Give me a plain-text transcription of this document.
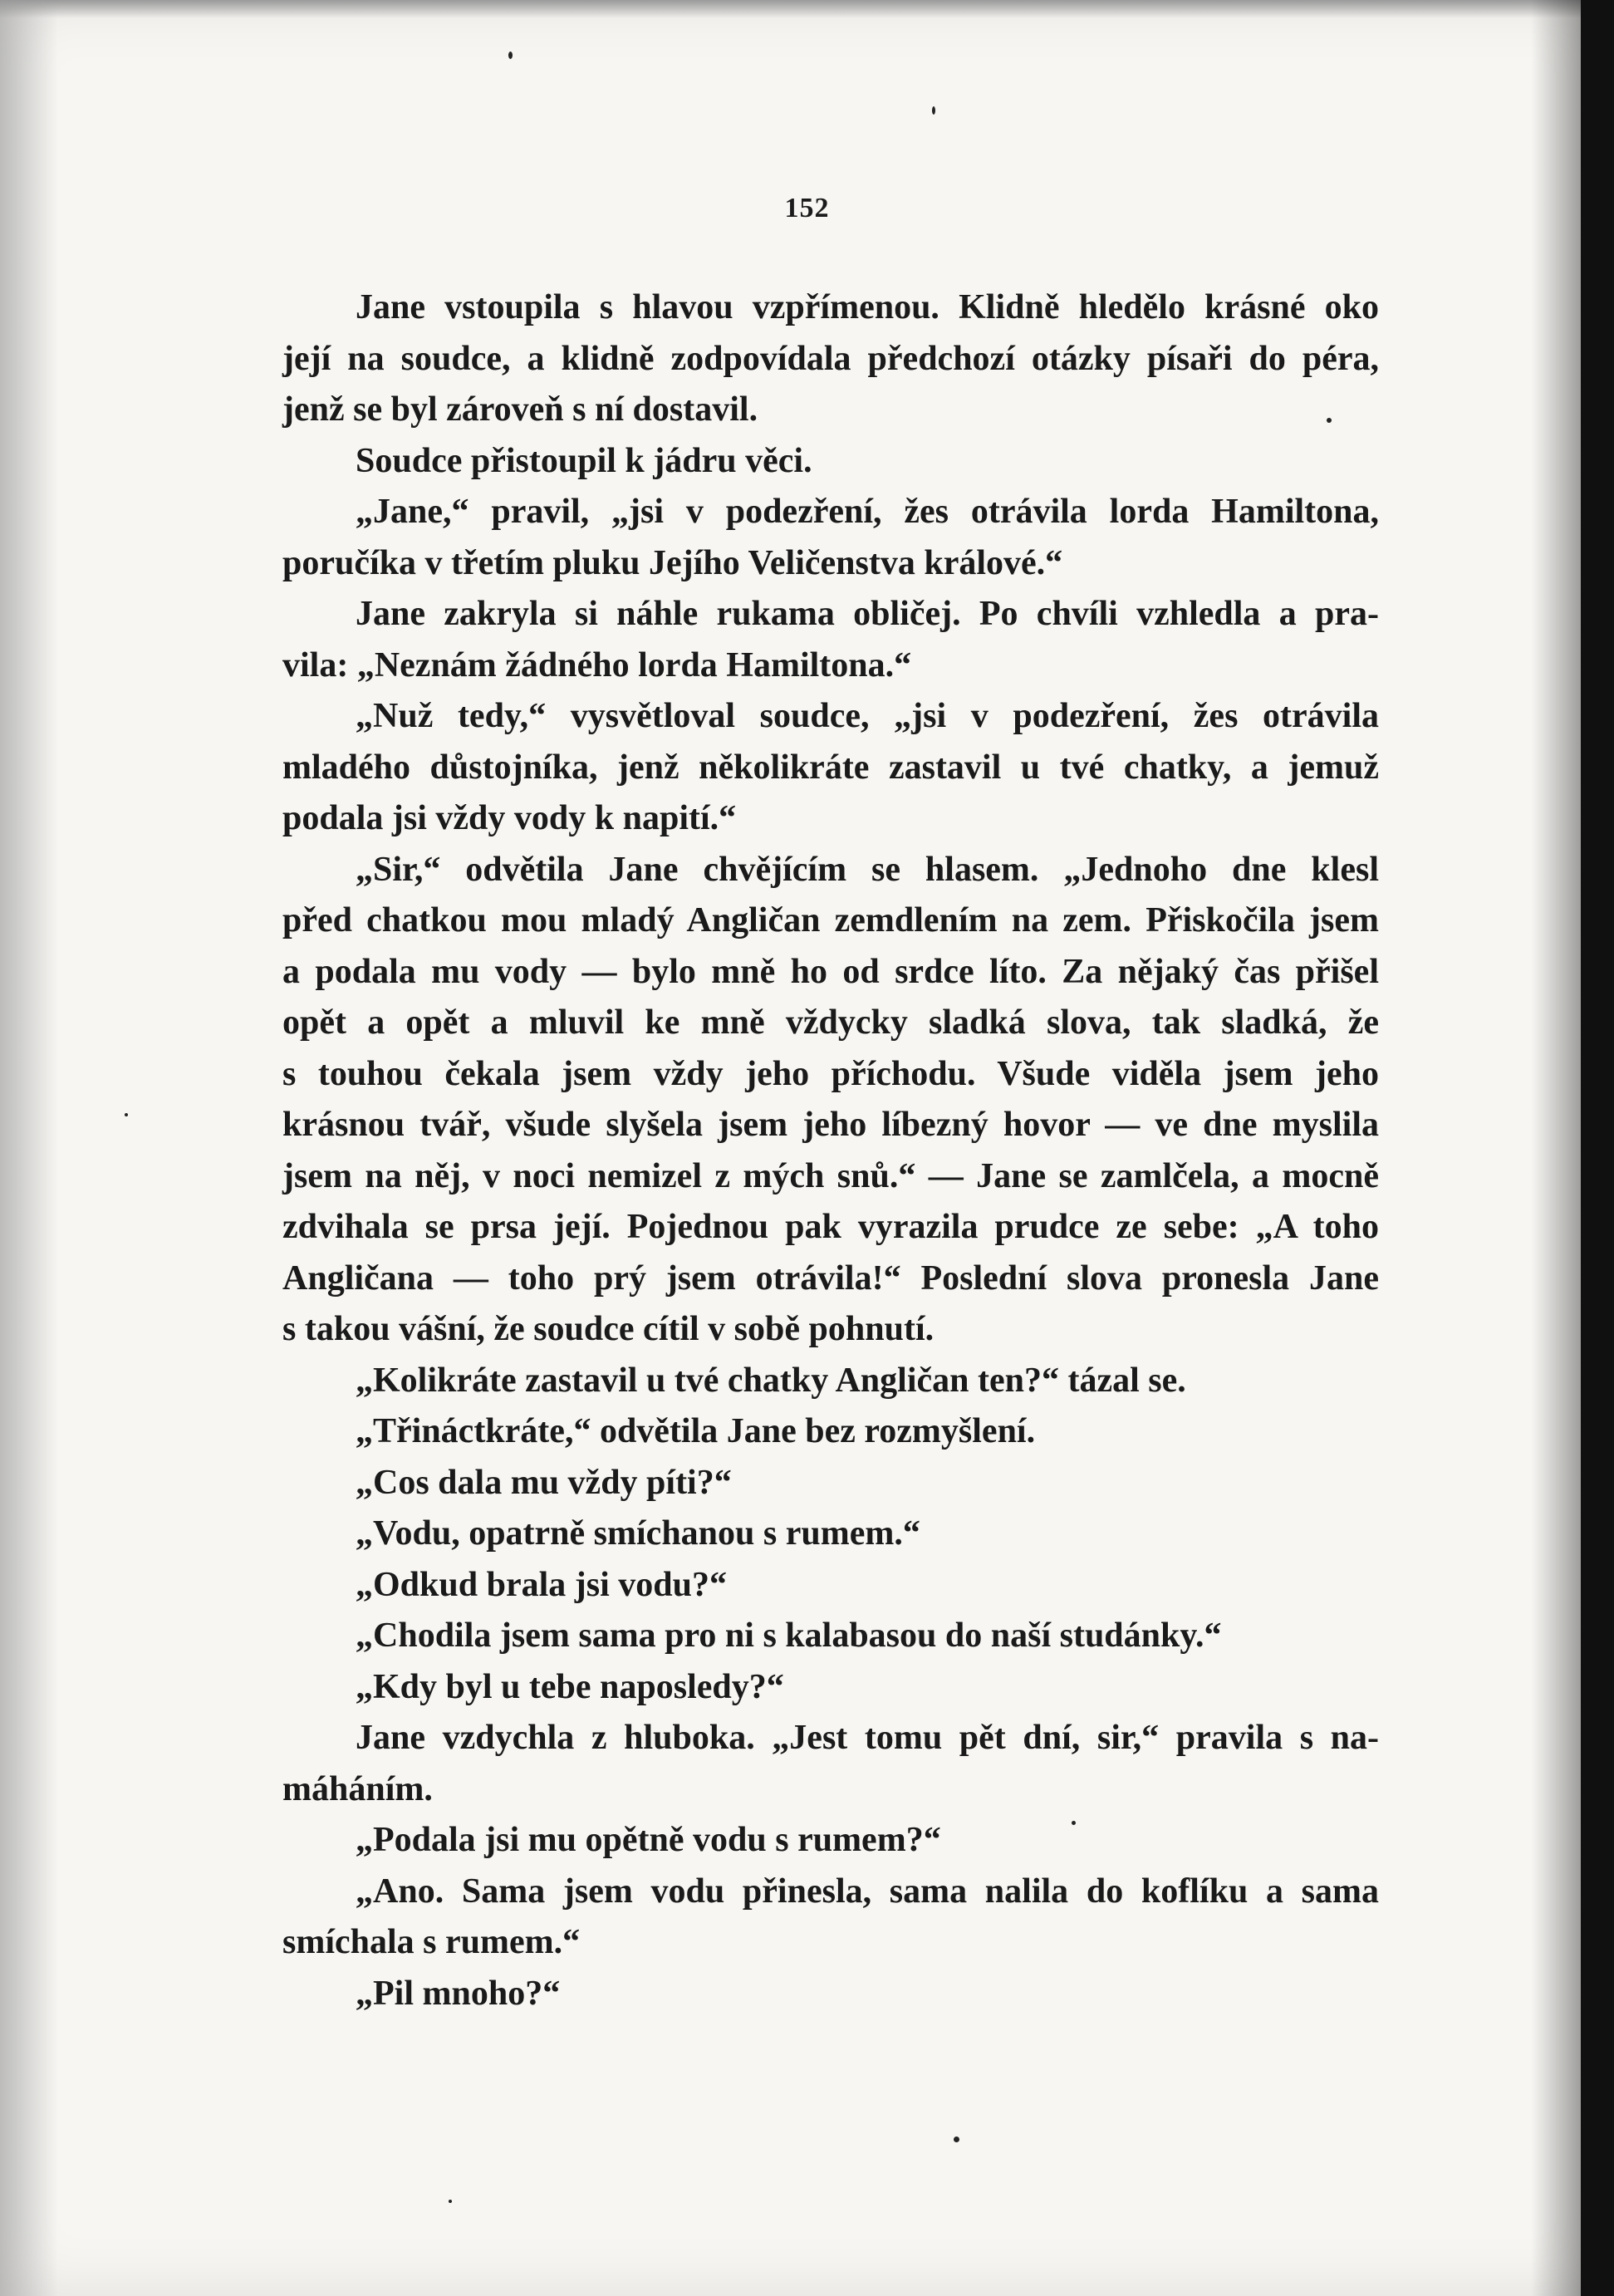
152
Jane vstoupila s hlavou vzpřímenou. Klidně hledělo krásné oko
její na soudce, a klidně zodpovídala předchozí otázky písaři do péra,
jenž se byl zároveň s ní dostavil.
Soudce přistoupil k jádru věci.
„Jane,“ pravil, „jsi v podezření, žes otrávila lorda Hamiltona,
poručíka v třetím pluku Jejího Veličenstva králové.“
Jane zakryla si náhle rukama obličej. Po chvíli vzhledla a pra-
vila: „Neznám žádného lorda Hamiltona.“
„Nuž tedy,“ vysvětloval soudce, „jsi v podezření, žes otrávila
mladého důstojníka, jenž několikráte zastavil u tvé chatky, a jemuž
podala jsi vždy vody k napití.“
„Sir,“ odvětila Jane chvějícím se hlasem. „Jednoho dne klesl
před chatkou mou mladý Angličan zemdlením na zem. Přiskočila jsem
a podala mu vody — bylo mně ho od srdce líto. Za nějaký čas přišel
opět a opět a mluvil ke mně vždycky sladká slova, tak sladká, že
s touhou čekala jsem vždy jeho příchodu. Všude viděla jsem jeho
krásnou tvář, všude slyšela jsem jeho líbezný hovor — ve dne myslila
jsem na něj, v noci nemizel z mých snů.“ — Jane se zamlčela, a mocně
zdvihala se prsa její. Pojednou pak vyrazila prudce ze sebe: „A toho
Angličana — toho prý jsem otrávila!“ Poslední slova pronesla Jane
s takou vášní, že soudce cítil v sobě pohnutí.
„Kolikráte zastavil u tvé chatky Angličan ten?“ tázal se.
„Třináctkráte,“ odvětila Jane bez rozmyšlení.
„Cos dala mu vždy píti?“
„Vodu, opatrně smíchanou s rumem.“
„Odkud brala jsi vodu?“
„Chodila jsem sama pro ni s kalabasou do naší studánky.“
„Kdy byl u tebe naposledy?“
Jane vzdychla z hluboka. „Jest tomu pět dní, sir,“ pravila s na-
máháním.
„Podala jsi mu opětně vodu s rumem?“
„Ano. Sama jsem vodu přinesla, sama nalila do koflíku a sama
smíchala s rumem.“
„Pil mnoho?“
